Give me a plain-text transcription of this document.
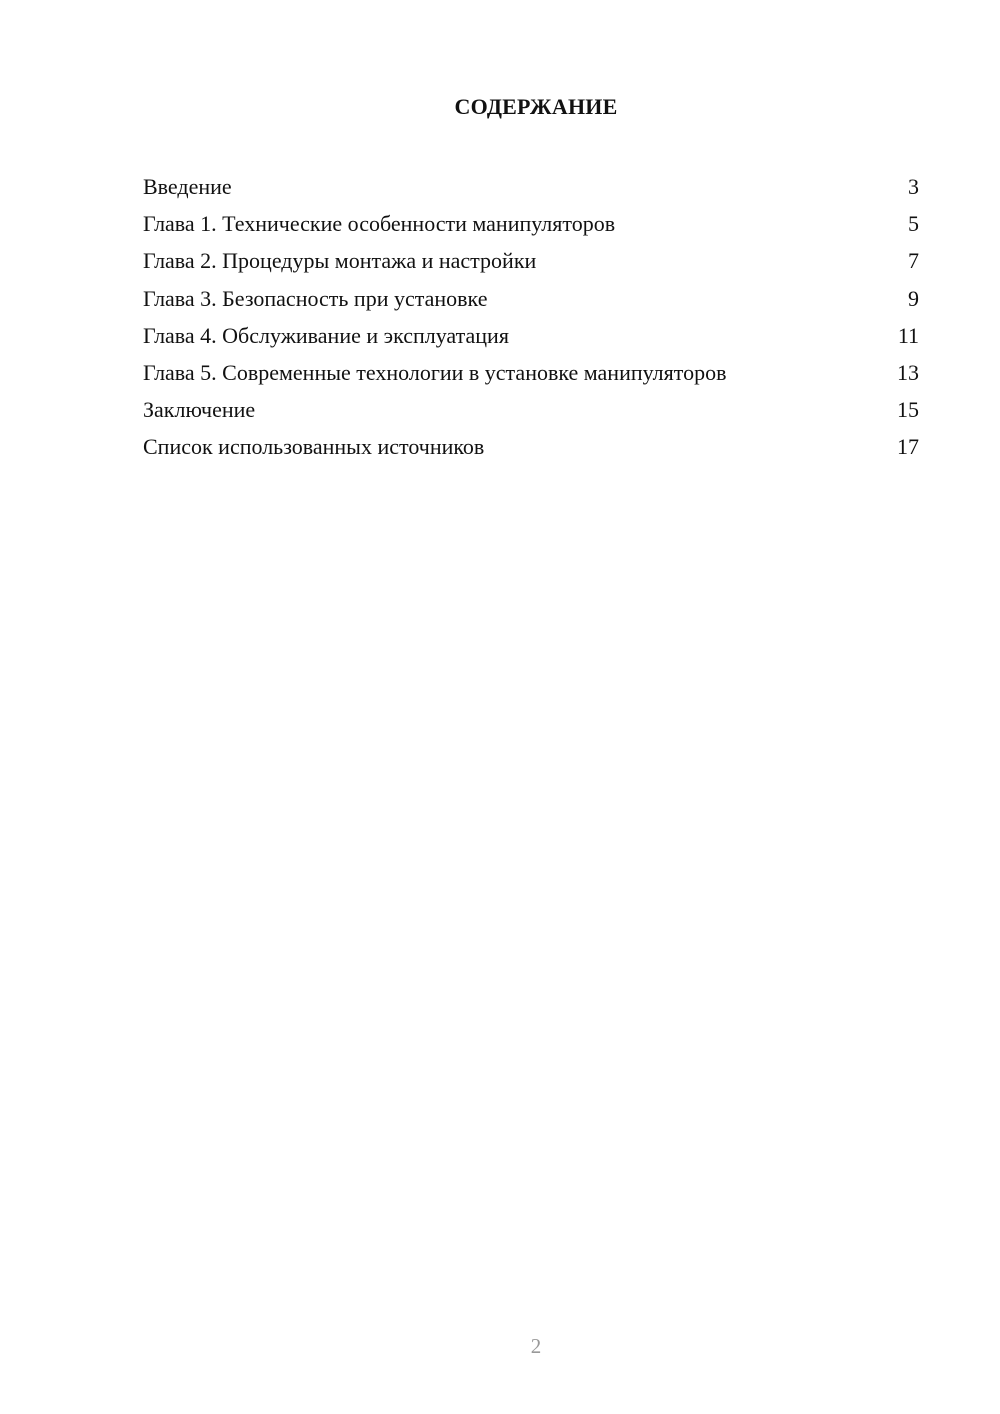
СОДЕРЖАНИЕ
Введение	3
Глава 1. Технические особенности манипуляторов	5
Глава 2. Процедуры монтажа и настройки	7
Глава 3. Безопасность при установке	9
Глава 4. Обслуживание и эксплуатация	11
Глава 5. Современные технологии в установке манипуляторов	13
Заключение	15
Список использованных источников	17
2
